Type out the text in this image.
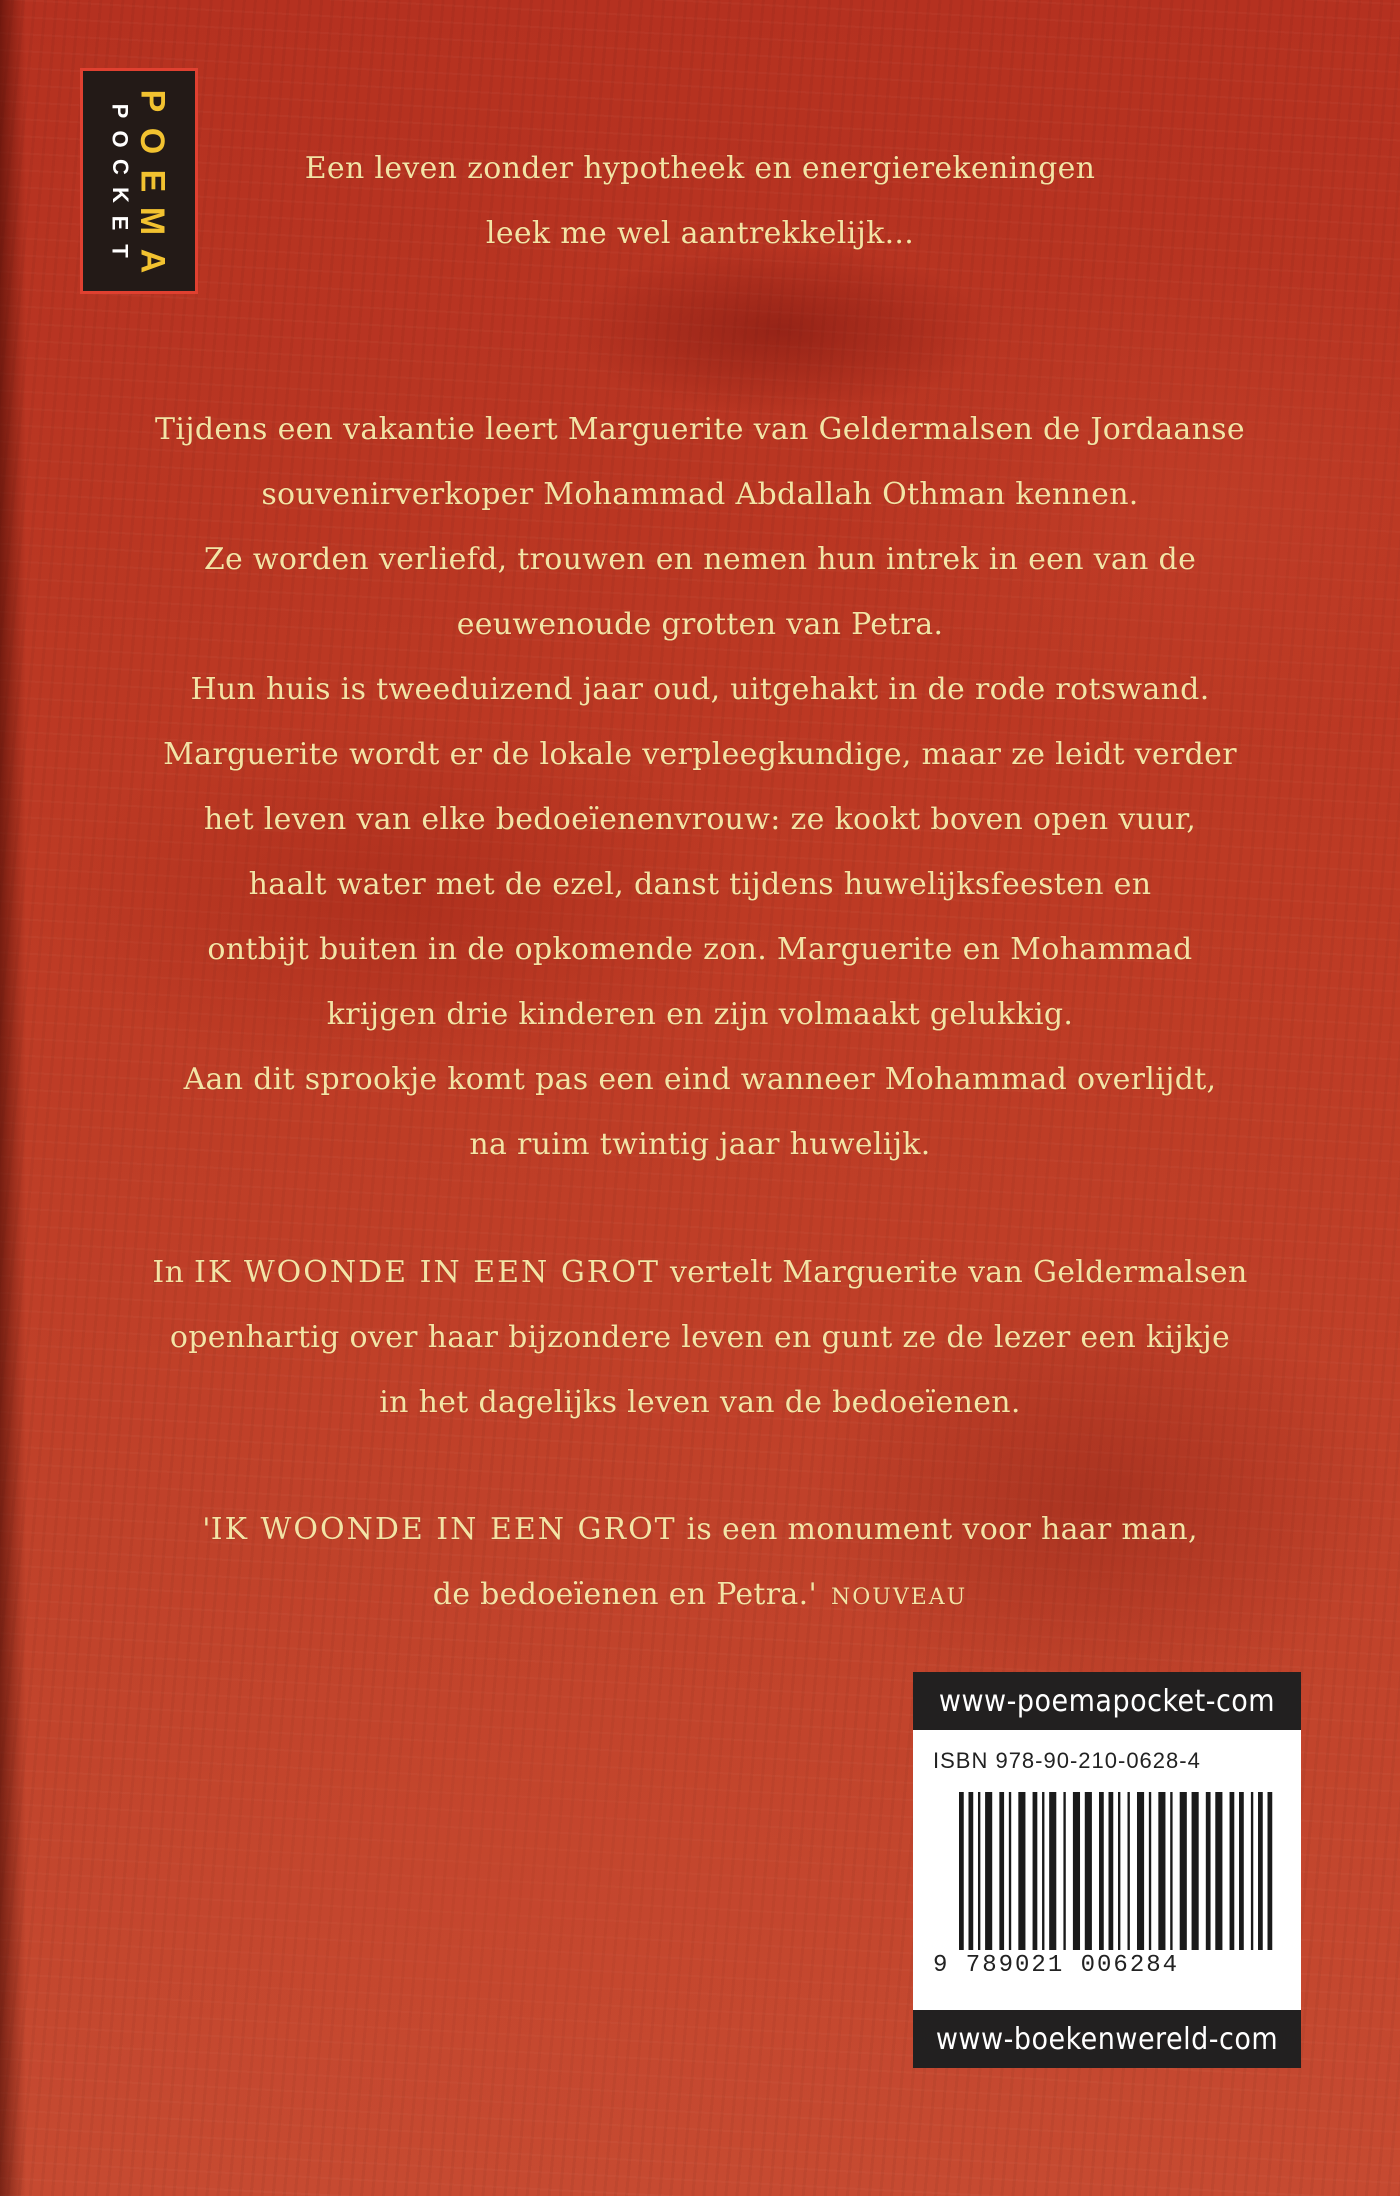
P
O
C
K
E
T
P
O
E
M
A
Een leven zonder hypotheek en energierekeningen
leek me wel aantrekkelijk...
Tijdens een vakantie leert Marguerite van Geldermalsen de Jordaanse
souvenirverkoper Mohammad Abdallah Othman kennen.
Ze worden verliefd, trouwen en nemen hun intrek in een van de
eeuwenoude grotten van Petra.
Hun huis is tweeduizend jaar oud, uitgehakt in de rode rotswand.
Marguerite wordt er de lokale verpleegkundige, maar ze leidt verder
het leven van elke bedoeïenenvrouw: ze kookt boven open vuur,
haalt water met de ezel, danst tijdens huwelijksfeesten en
ontbijt buiten in de opkomende zon. Marguerite en Mohammad
krijgen drie kinderen en zijn volmaakt gelukkig.
Aan dit sprookje komt pas een eind wanneer Mohammad overlijdt,
na ruim twintig jaar huwelijk.
In IK WOONDE IN EEN GROT vertelt Marguerite van Geldermalsen
openhartig over haar bijzondere leven en gunt ze de lezer een kijkje
in het dagelijks leven van de bedoeïenen.
'IK WOONDE IN EEN GROT is een monument voor haar man,
de bedoeïenen en Petra.' NOUVEAU
www-poemapocket-com
ISBN 978-90-210-0628-4
9 789021 006284
www-boekenwereld-com
